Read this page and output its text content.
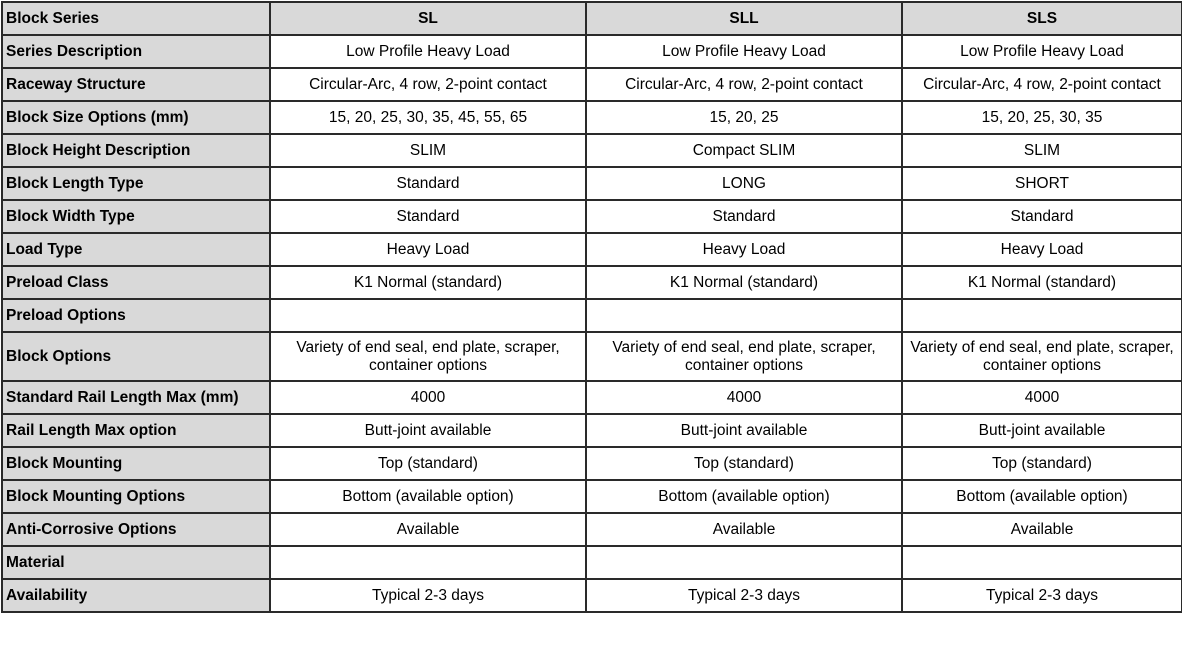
Block Series	SL	SLL	SLS
Series Description	Low Profile Heavy Load	Low Profile Heavy Load	Low Profile Heavy Load
Raceway Structure	Circular-Arc, 4 row, 2-point contact	Circular-Arc, 4 row, 2-point contact	Circular-Arc, 4 row, 2-point contact
Block Size Options (mm)	15, 20, 25, 30, 35, 45, 55, 65	15, 20, 25	15, 20, 25, 30, 35
Block Height Description	SLIM	Compact SLIM	SLIM
Block Length Type	Standard	LONG	SHORT
Block Width Type	Standard	Standard	Standard
Load Type	Heavy Load	Heavy Load	Heavy Load
Preload Class	K1 Normal (standard)	K1 Normal (standard)	K1 Normal (standard)
Preload Options			
Block Options	Variety of end seal, end plate, scraper, container options	Variety of end seal, end plate, scraper, container options	Variety of end seal, end plate, scraper, container options
Standard Rail Length Max (mm)	4000	4000	4000
Rail Length Max option	Butt-joint available	Butt-joint available	Butt-joint available
Block Mounting	Top (standard)	Top (standard)	Top (standard)
Block Mounting Options	Bottom (available option)	Bottom (available option)	Bottom (available option)
Anti-Corrosive Options	Available	Available	Available
Material			
Availability	Typical 2-3 days	Typical 2-3 days	Typical 2-3 days
